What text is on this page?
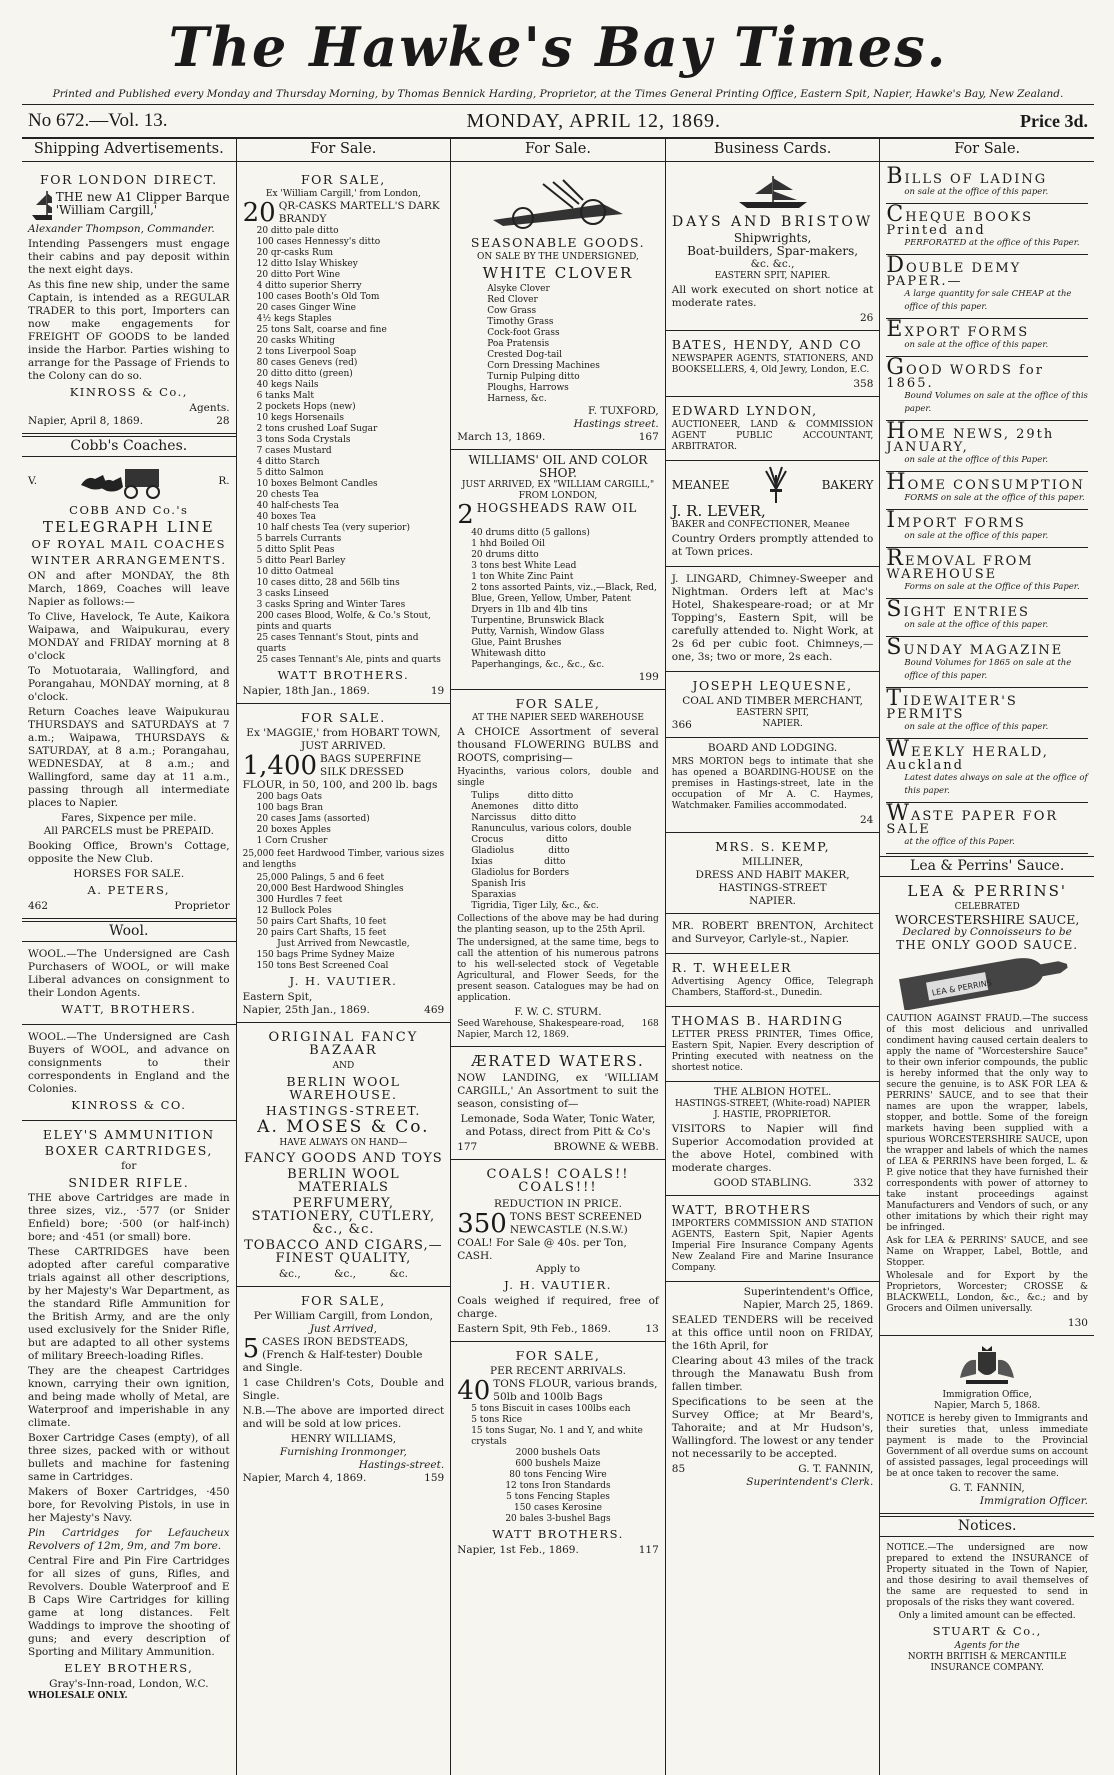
The Hawke's Bay Times.
Printed and Published every Monday and Thursday Morning, by Thomas Bennick Harding, Proprietor, at the Times General Printing Office, Eastern Spit, Napier, Hawke's Bay, New Zealand.
No 672.—Vol. 13.	MONDAY, APRIL 12, 1869.	Price 3d.
Shipping Advertisements.
FOR LONDON DIRECT.

THE new A1 Clipper Barque 'William Cargill,'

Alexander Thompson, Commander.

Intending Passengers must engage their cabins and pay deposit within the next eight days.

As this fine new ship, under the same Captain, is intended as a REGULAR TRADER to this port, Importers can now make engagements for FREIGHT OF GOODS to be landed inside the Harbor. Parties wishing to arrange for the Passage of Friends to the Colony can do so.

KINROSS & Co.,
Agents.
Napier, April 8, 1869.	28
Cobb's Coaches.
V.	R.
COBB AND Co.'s
TELEGRAPH LINE
OF ROYAL MAIL COACHES
WINTER ARRANGEMENTS.

ON and after MONDAY, the 8th March, 1869, Coaches will leave Napier as follows:—

To Clive, Havelock, Te Aute, Kaikora Waipawa, and Waipukurau, every MONDAY and FRIDAY morning at 8 o'clock

To Motuotaraia, Wallingford, and Porangahau, MONDAY morning, at 8 o'clock.

Return Coaches leave Waipukurau THURSDAYS and SATURDAYS at 7 a.m.; Waipawa, THURSDAYS & SATURDAY, at 8 a.m.; Porangahau, WEDNESDAY, at 8 a.m.; and Wallingford, same day at 11 a.m., passing through all intermediate places to Napier.

Fares, Sixpence per mile.
All PARCELS must be PREPAID.

Booking Office, Brown's Cottage, opposite the New Club.

HORSES FOR SALE.
A. PETERS,
462	Proprietor
Wool.

WOOL.—The Undersigned are Cash Purchasers of WOOL, or will make Liberal advances on consignment to their London Agents.

WATT, BROTHERS.

WOOL.—The Undersigned are Cash Buyers of WOOL, and advance on consignments to their correspondents in England and the Colonies.

KINROSS & CO.
ELEY'S AMMUNITION
BOXER CARTRIDGES,
for
SNIDER RIFLE.

THE above Cartridges are made in three sizes, viz., ·577 (or Snider Enfield) bore; ·500 (or half-inch) bore; and ·451 (or small) bore.

These CARTRIDGES have been adopted after careful comparative trials against all other descriptions, by her Majesty's War Department, as the standard Rifle Ammunition for the British Army, and are the only used exclusively for the Snider Rifle, but are adapted to all other systems of military Breech-loading Rifles.

They are the cheapest Cartridges known, carrying their own ignition, and being made wholly of Metal, are Waterproof and imperishable in any climate.

Boxer Cartridge Cases (empty), of all three sizes, packed with or without bullets and machine for fastening same in Cartridges.

Makers of Boxer Cartridges, ·450 bore, for Revolving Pistols, in use in her Majesty's Navy.

Pin Cartridges for Lefaucheux Revolvers of 12m, 9m, and 7m bore.

Central Fire and Pin Fire Cartridges for all sizes of guns, Rifles, and Revolvers. Double Waterproof and E B Caps Wire Cartridges for killing game at long distances. Felt Waddings to improve the shooting of guns; and every description of Sporting and Military Ammunition.

ELEY BROTHERS,
Gray's-Inn-road, London, W.C.
WHOLESALE ONLY.
For Sale.
FOR SALE,
Ex 'William Cargill,' from London,
20 QR-CASKS MARTELL'S DARK BRANDY
20 ditto pale ditto
100 cases Hennessy's ditto
20 qr-casks Rum
12 ditto Islay Whiskey
20 ditto Port Wine
4 ditto superior Sherry
100 cases Booth's Old Tom
20 cases Ginger Wine
4½ kegs Staples
25 tons Salt, coarse and fine
20 casks Whiting
2 tons Liverpool Soap
80 cases Genevs (red)
20 ditto ditto (green)
40 kegs Nails
6 tanks Malt
2 pockets Hops (new)
10 kegs Horsenails
2 tons crushed Loaf Sugar
3 tons Soda Crystals
7 cases Mustard
4 ditto Starch
5 ditto Salmon
10 boxes Belmont Candles
20 chests Tea
40 half-chests Tea
40 boxes Tea
10 half chests Tea (very superior)
5 barrels Currants
5 ditto Split Peas
5 ditto Pearl Barley
10 ditto Oatmeal
10 cases ditto, 28 and 56lb tins
3 casks Linseed
3 casks Spring and Winter Tares
200 cases Blood, Wolfe, & Co.'s Stout, pints and quarts
25 cases Tennant's Stout, pints and quarts
25 cases Tennant's Ale, pints and quarts
WATT BROTHERS.
Napier, 18th Jan., 1869.	19
FOR SALE.
Ex 'MAGGIE,' from HOBART TOWN,
JUST ARRIVED.
1,400 BAGS SUPERFINE SILK DRESSED FLOUR, in 50, 100, and 200 lb. bags
200 bags Oats
100 bags Bran
20 cases Jams (assorted)
20 boxes Apples
1 Corn Crusher

25,000 feet Hardwood Timber, various sizes and lengths

25,000 Palings, 5 and 6 feet
20,000 Best Hardwood Shingles
300 Hurdles 7 feet
12 Bullock Poles
50 pairs Cart Shafts, 10 feet
20 pairs Cart Shafts, 15 feet
Just Arrived from Newcastle,
150 bags Prime Sydney Maize
150 tons Best Screened Coal
J. H. VAUTIER.
Eastern Spit,
Napier, 25th Jan., 1869.	469
ORIGINAL FANCY BAZAAR
AND
BERLIN WOOL WAREHOUSE.
HASTINGS-STREET.
A. MOSES & Co.
HAVE ALWAYS ON HAND—
FANCY GOODS AND TOYS
BERLIN WOOL MATERIALS
PERFUMERY, STATIONERY, CUTLERY, &c., &c.
TOBACCO AND CIGARS,—FINEST QUALITY,
&c.,          &c.,          &c.
FOR SALE,
Per William Cargill, from London,
Just Arrived,
5 CASES IRON BEDSTEADS, (French & Half-tester) Double and Single.

1 case Children's Cots, Double and Single.

N.B.—The above are imported direct and will be sold at low prices.

HENRY WILLIAMS,
Furnishing Ironmonger,
Hastings-street.
Napier, March 4, 1869.	159
For Sale.
SEASONABLE GOODS.
ON SALE BY THE UNDERSIGNED,
WHITE CLOVER
Alsyke Clover
Red Clover
Cow Grass
Timothy Grass
Cock-foot Grass
Poa Pratensis
Crested Dog-tail
Corn Dressing Machines
Turnip Pulping ditto
Ploughs, Harrows
Harness, &c.
F. TUXFORD,
Hastings street.
March 13, 1869.	167
WILLIAMS' OIL AND COLOR SHOP.
JUST ARRIVED, EX "WILLIAM CARGILL," FROM LONDON,
2 HOGSHEADS RAW OIL
40 drums ditto (5 gallons)
1 hhd Boiled Oil
20 drums ditto
3 tons best White Lead
1 ton White Zinc Paint
2 tons assorted Paints, viz.,—Black, Red, Blue, Green, Yellow, Umber, Patent Dryers in 1lb and 4lb tins
Turpentine, Brunswick Black
Putty, Varnish, Window Glass
Glue, Paint Brushes
Whitewash ditto
Paperhangings, &c., &c., &c.
199
FOR SALE,
AT THE NAPIER SEED WAREHOUSE

A CHOICE Assortment of several thousand FLOWERING BULBS and ROOTS, comprising—

Hyacinths, various colors, double and single

Tulips          ditto ditto
Anemones     ditto ditto
Narcissus     ditto ditto
Ranunculus, various colors, double
Crocus               ditto
Gladiolus            ditto
Ixias                  ditto
Gladiolus for Borders
Spanish Iris
Sparaxias
Tigridia, Tiger Lily, &c., &c.

Collections of the above may be had during the planting season, up to the 25th April.

The undersigned, at the same time, begs to call the attention of his numerous patrons to his well-selected stock of Vegetable Agricultural, and Flower Seeds, for the present season. Catalogues may be had on application.

F. W. C. STURM.
Seed Warehouse, Shakespeare-road, Napier, March 12, 1869.
168
ÆRATED WATERS.

NOW LANDING, ex 'WILLIAM CARGILL,' An Assortment to suit the season, consisting of—

Lemonade, Soda Water, Tonic Water, and Potass, direct from Pitt & Co's

177	BROWNE & WEBB.
COALS! COALS!! COALS!!!
REDUCTION IN PRICE.
350 TONS BEST SCREENED NEWCASTLE (N.S.W.) COAL! For Sale @ 40s. per Ton, CASH.
Apply to
J. H. VAUTIER.

Coals weighed if required, free of charge.

Eastern Spit, 9th Feb., 1869.	13
FOR SALE,
PER RECENT ARRIVALS.
40 TONS FLOUR, various brands, 50lb and 100lb Bags
5 tons Biscuit in cases 100lbs each
5 tons Rice
15 tons Sugar, No. 1 and Y, and white crystals
2000 bushels Oats
600 bushels Maize
80 tons Fencing Wire
12 tons Iron Standards
5 tons Fencing Staples
150 cases Kerosine
20 bales 3-bushel Bags
WATT BROTHERS.
Napier, 1st Feb., 1869.	117
Business Cards.
DAYS AND BRISTOW
Shipwrights,
Boat-builders, Spar-makers,
&c. &c.,
EASTERN SPIT, NAPIER.

All work executed on short notice at moderate rates.

26
BATES, HENDY, AND CO

NEWSPAPER AGENTS, STATIONERS, AND BOOKSELLERS, 4, Old Jewry, London, E.C.

358
EDWARD LYNDON,

AUCTIONEER, LAND & COMMISSION AGENT PUBLIC ACCOUNTANT, ARBITRATOR.

MEANEE	BAKERY
J. R. LEVER,

BAKER and CONFECTIONER, Meanee

Country Orders promptly attended to at Town prices.

J. LINGARD, Chimney-Sweeper and Nightman. Orders left at Mac's Hotel, Shakespeare-road; or at Mr Topping's, Eastern Spit, will be carefully attended to. Night Work, at 2s 6d per cubic foot. Chimneys,—one, 3s; two or more, 2s each.

JOSEPH LEQUESNE,
COAL AND TIMBER MERCHANT,
EASTERN SPIT,
366	NAPIER.
BOARD AND LODGING.

MRS MORTON begs to intimate that she has opened a BOARDING-HOUSE on the premises in Hastings-street, late in the occupation of Mr A. C. Haymes, Watchmaker. Families accommodated.

24
MRS. S. KEMP,
MILLINER,
DRESS AND HABIT MAKER,
HASTINGS-STREET
NAPIER.

MR. ROBERT BRENTON, Architect and Surveyor, Carlyle-st., Napier.

R. T. WHEELER

Advertising Agency Office, Telegraph Chambers, Stafford-st., Dunedin.

THOMAS B. HARDING

LETTER PRESS PRINTER, Times Office, Eastern Spit, Napier. Every description of Printing executed with neatness on the shortest notice.

THE ALBION HOTEL.
HASTINGS-STREET, (White-road) NAPIER
J. HASTIE, PROPRIETOR.

VISITORS to Napier will find Superior Accomodation provided at the above Hotel, combined with moderate charges.

GOOD STABLING.	332
WATT, BROTHERS

IMPORTERS COMMISSION AND STATION AGENTS, Eastern Spit, Napier Agents Imperial Fire Insurance Company Agents New Zealand Fire and Marine Insurance Company.

Superintendent's Office,
Napier, March 25, 1869.

SEALED TENDERS will be received at this office until noon on FRIDAY, the 16th April, for

Clearing about 43 miles of the track through the Manawatu Bush from fallen timber.

Specifications to be seen at the Survey Office; at Mr Beard's, Tahoraite; and at Mr Hudson's, Wallingford. The lowest or any tender not necessarily to be accepted.

85	G. T. FANNIN,
Superintendent's Clerk.
For Sale.
BILLS OF LADING
on sale at the office of this paper.
CHEQUE BOOKS Printed and
PERFORATED at the office of this Paper.
DOUBLE DEMY PAPER.—
A large quantity for sale CHEAP at the office of this paper.
EXPORT FORMS
on sale at the office of this paper.
GOOD WORDS for 1865.
Bound Volumes on sale at the office of this paper.
HOME NEWS, 29th JANUARY,
on sale at the office of this Paper.
HOME CONSUMPTION
FORMS on sale at the office of this paper.
IMPORT FORMS
on sale at the office of this paper.
REMOVAL FROM WAREHOUSE
Forms on sale at the Office of this Paper.
SIGHT ENTRIES
on sale at the office of this paper.
SUNDAY MAGAZINE
Bound Volumes for 1865 on sale at the office of this paper.
TIDEWAITER'S PERMITS
on sale at the office of this paper.
WEEKLY HERALD, Auckland
Latest dates always on sale at the office of this paper.
WASTE PAPER FOR SALE
at the office of this Paper.
Lea & Perrins' Sauce.
LEA & PERRINS'
CELEBRATED
WORCESTERSHIRE SAUCE,
Declared by Connoisseurs to be
THE ONLY GOOD SAUCE.
LEA & PERRINS

CAUTION AGAINST FRAUD.—The success of this most delicious and unrivalled condiment having caused certain dealers to apply the name of "Worcestershire Sauce" to their own inferior compounds, the public is hereby informed that the only way to secure the genuine, is to ASK FOR LEA & PERRINS' SAUCE, and to see that their names are upon the wrapper, labels, stopper, and bottle. Some of the foreign markets having been supplied with a spurious WORCESTERSHIRE SAUCE, upon the wrapper and labels of which the names of LEA & PERRINS have been forged, L. & P. give notice that they have furnished their correspondents with power of attorney to take instant proceedings against Manufacturers and Vendors of such, or any other imitations by which their right may be infringed.

Ask for LEA & PERRINS' SAUCE, and see Name on Wrapper, Label, Bottle, and Stopper.

Wholesale and for Export by the Proprietors, Worcester; CROSSE & BLACKWELL, London, &c., &c.; and by Grocers and Oilmen universally.

130
Immigration Office,
Napier, March 5, 1868.

NOTICE is hereby given to Immigrants and their sureties that, unless immediate payment is made to the Provincial Government of all overdue sums on account of assisted passages, legal proceedings will be at once taken to recover the same.

G. T. FANNIN,
Immigration Officer.
Notices.

NOTICE.—The undersigned are now prepared to extend the INSURANCE of Property situated in the Town of Napier, and those desiring to avail themselves of the same are requested to send in proposals of the risks they want covered.

Only a limited amount can be effected.
STUART & Co.,
Agents for the
NORTH BRITISH & MERCANTILE INSURANCE COMPANY.
